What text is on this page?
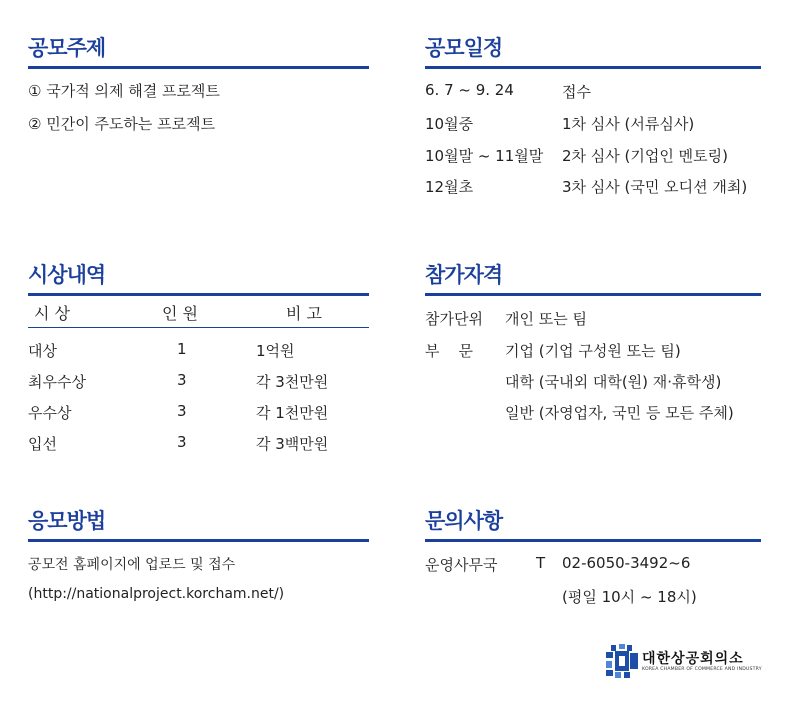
공모주제
① 국가적 의제 해결 프로젝트
② 민간이 주도하는 프로젝트
공모일정
6. 7 ~ 9. 24	접수
10월중	1차 심사 (서류심사)
10월말 ~ 11월말 2차 심사 (기업인 멘토링)
12월초	3차 심사 (국민 오디션 개최)
시상내역
시 상	인 원	비 고
대상	1	1억원
최우수상	3	각 3천만원
우수상	3	각 1천만원
입선	3	각 3백만원
참가자격
참가단위 개인 또는 팀
부    문 기업 (기업 구성원 또는 팀)
대학 (국내외 대학(원) 재·휴학생)
일반 (자영업자, 국민 등 모든 주체)
응모방법
공모전 홈페이지에 업로드 및 접수
(http://nationalproject.korcham.net/)
문의사항
운영사무국	T 02-6050-3492~6
(평일 10시 ~ 18시)
대한상공회의소
KOREA CHAMBER OF COMMERCE AND INDUSTRY
